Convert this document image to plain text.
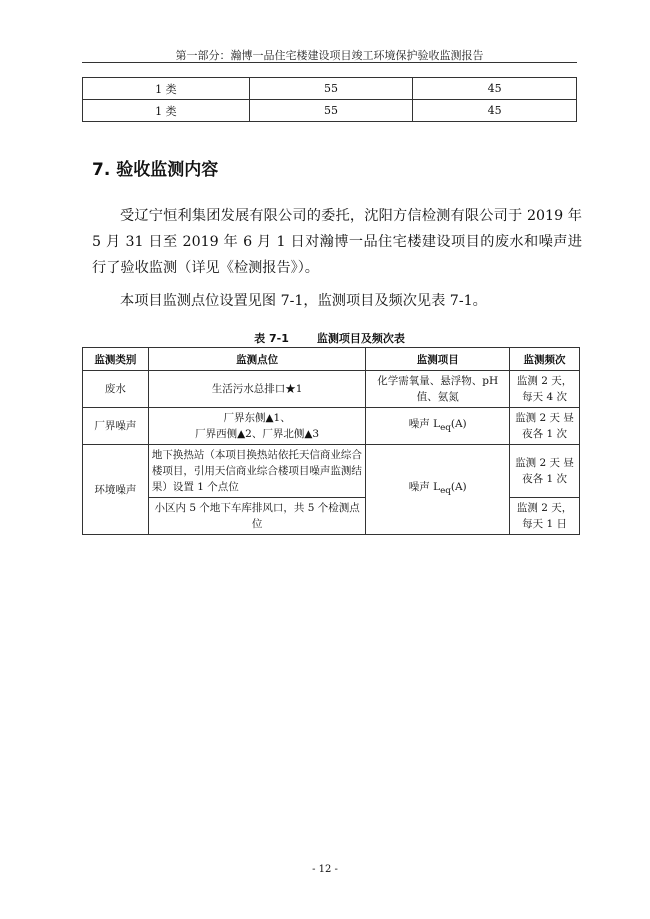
第一部分：瀚博一品住宅楼建设项目竣工环境保护验收监测报告
1 类	55	45
1 类	55	45
7. 验收监测内容

受辽宁恒利集团发展有限公司的委托，沈阳方信检测有限公司于 2019 年 5 月 31 日至 2019 年 6 月 1 日对瀚博一品住宅楼建设项目的废水和噪声进行了验收监测（详见《检测报告》）。

本项目监测点位设置见图 7-1，监测项目及频次见表 7-1。

表 7-1	监测项目及频次表
监测类别	监测点位	监测项目	监测频次
废水	生活污水总排口★1	化学需氧量、悬浮物、pH 值、氨氮	监测 2 天，每天 4 次
厂界噪声	厂界东侧▲1、
厂界西侧▲2、厂界北侧▲3	噪声 $L_{eq}(A)$	监测 2 天 昼夜各 1 次
环境噪声	地下换热站（本项目换热站依托天信商业综合楼项目，引用天信商业综合楼项目噪声监测结果）设置 1 个点位	噪声 $L_{eq}(A)$	监测 2 天 昼夜各 1 次
	小区内 5 个地下车库排风口，共 5 个检测点位		监测 2 天，每天 1 日
- 12 -
